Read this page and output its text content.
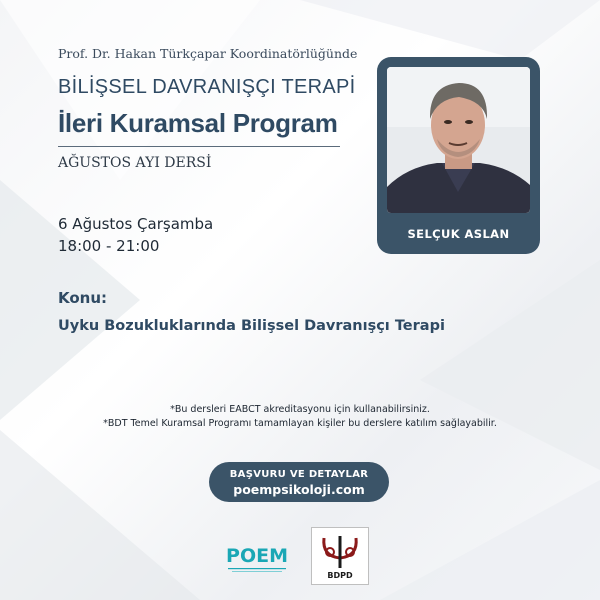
Prof. Dr. Hakan Türkçapar Koordinatörlüğünde
BİLİŞSEL DAVRANIŞÇI TERAPİ
İleri Kuramsal Program
AĞUSTOS AYI DERSİ
6 Ağustos Çarşamba
18:00 - 21:00
Konu:
Uyku Bozukluklarında Bilişsel Davranışçı Terapi
SELÇUK ASLAN
*Bu dersleri EABCT akreditasyonu için kullanabilirsiniz.
*BDT Temel Kuramsal Programı tamamlayan kişiler bu derslere katılım sağlayabilir.
BAŞVURU VE DETAYLAR
poempsikoloji.com
POEM
BDPD
